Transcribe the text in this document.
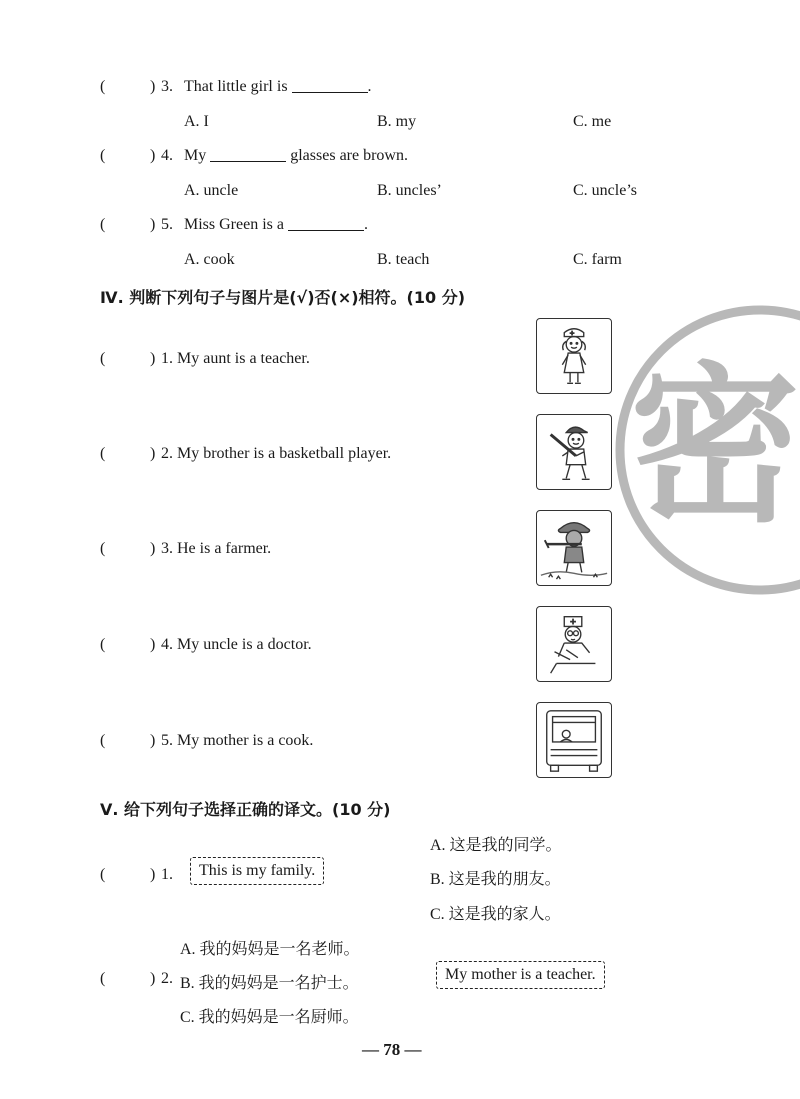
(	) 3. That little girl is	.
A. I	B. my	C. me
(	) 4. My	glasses are brown.
A. uncle	B. uncles’	C. uncle’s
(	) 5. Miss Green is a	.
A. cook	B. teach	C. farm
密
Ⅳ. 判断下列句子与图片是(√)否(×)相符。(10 分)
(	) 1. My aunt is a teacher.
(	) 2. My brother is a basketball player.
(	) 3. He is a farmer.
(	) 4. My uncle is a doctor.
(	) 5. My mother is a cook.
Ⅴ. 给下列句子选择正确的译文。(10 分)
A. 这是我的同学。
(	) 1.	This is my family.
B. 这是我的朋友。
C. 这是我的家人。
A. 我的妈妈是一名老师。
(	) 2. B. 我的妈妈是一名护士。
My mother is a teacher.
C. 我的妈妈是一名厨师。
— 78 —
